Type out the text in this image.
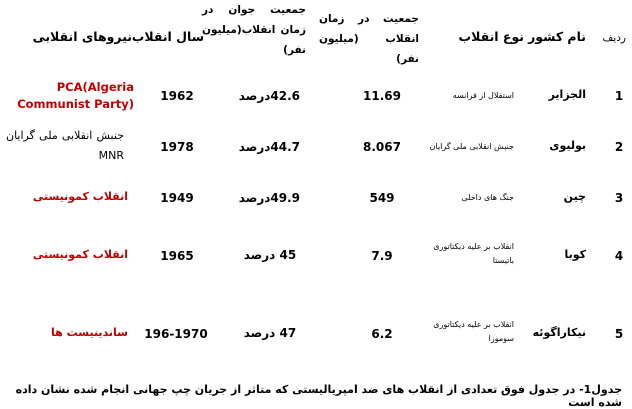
ردیف
نام کشور
نوع انقلاب
جمعیت در زمان انقلاب (میلیون نفر)
جمعیت جوان در زمان انقلاب(میلیون نفر)
سال انقلاب
نیروهای انقلابی
1
الجزایر
استقلال از فرانسه
11.69
42.6درصد
1962
PCA(Algeria Communist Party)
2
بولیوی
جنبش انقلابی ملی گرایان
8.067
44.7درصد
1978
جنبش انقلابی ملی گرایان MNR
3
چین
جنگ های داخلی
549
49.9درصد
1949
انقلاب کمونیستی
4
کوبا
انقلاب بر علیه دیکتاتوری باتیستا
7.9
45 درصد
1965
انقلاب کمونیستی
5
نیکاراگوئه
انقلاب بر علیه دیکتاتوری سوموزا
6.2
47 درصد
196-1970
ساندینیست ها
جدول1- در جدول فوق تعدادی از انقلاب های ضد امپریالیستی که متاثر از جریان چپ جهانی انجام شده نشان داده شده است
